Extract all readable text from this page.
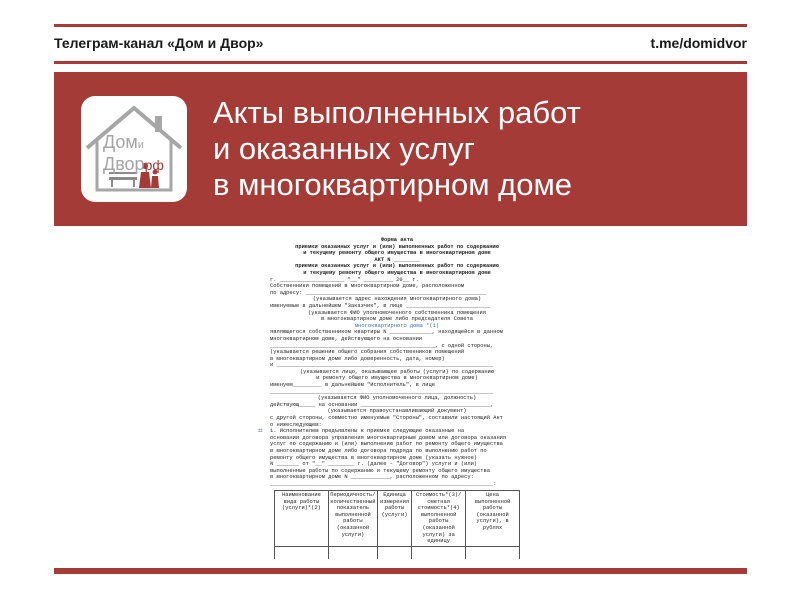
Телеграм-канал «Дом и Двор»	t.me/domidvor
Доми
Дворрф
Акты выполненных работ
и оказанных услуг
в многоквартирном доме
⌗
Форма акта
приемки оказанных услуг и (или) выполненных работ по содержанию
и текущему ремонту общего имущества в многоквартирном доме
АКТ N ________
приемки оказанных услуг и (или) выполненных работ по содержанию
и текущему ремонту общего имущества в многоквартирном доме
г. ____________________ "__" _________ 20__ г.
Собственники помещений в многоквартирном доме, расположенном
по адресу: ________________________________________________________
(указывается адрес нахождения многоквартирного дома)
именуемые в дальнейшем "Заказчик", в лице __________________________
(указывается ФИО уполномоченного собственника помещения
в многоквартирном доме либо председателя Совета
многоквартирного дома *(1)
являющегося собственником квартиры N _____________, находящейся в данном
многоквартирном доме, действующего на основании
___________________________________________________, с одной стороны,
(указывается решение общего собрания собственников помещений
в многоквартирном доме либо доверенность, дата, номер)
и ___________________________________________________________________
(указывается лицо, оказывающее работы (услуги) по содержанию
и ремонту общего имущества в многоквартирном доме)
именуем_________ в дальнейшем "Исполнитель", в лице
_____________________________________________________________________
(указывается ФИО уполномоченного лица, должность)
действующ_____ на основании ________________________________________,
(указывается правоустанавливающий документ)
с другой стороны, совместно именуемые "Стороны", составили настоящий Акт
о нижеследующем:
1. Исполнителем предъявлены к приемке следующие оказанные на
основании договора управления многоквартирным домом или договора оказания
услуг по содержанию и (или) выполнению работ по ремонту общего имущества
в многоквартирном доме либо договора подряда по выполнению работ по
ремонту общего имущества в многоквартирном доме (указать нужное)
N _______ от "__" ________ г. (далее - "Договор") услуги и (или)
выполненные работы по содержанию и текущему ремонту общего имущества
в многоквартирном доме N ____________, расположенном по адресу:
_____________________________________________________________________:
Наименование вида работы (услуги)*(2)	Периодичность/ количественный показатель выполненной работы (оказанной услуги)	Единица измерения работы (услуги)	Стоимость*(3)/ сметная стоимость*(4) выполненной работы (оказанной услуги) за единицу	Цена выполненной работы (оказанной услуги), в рублях
